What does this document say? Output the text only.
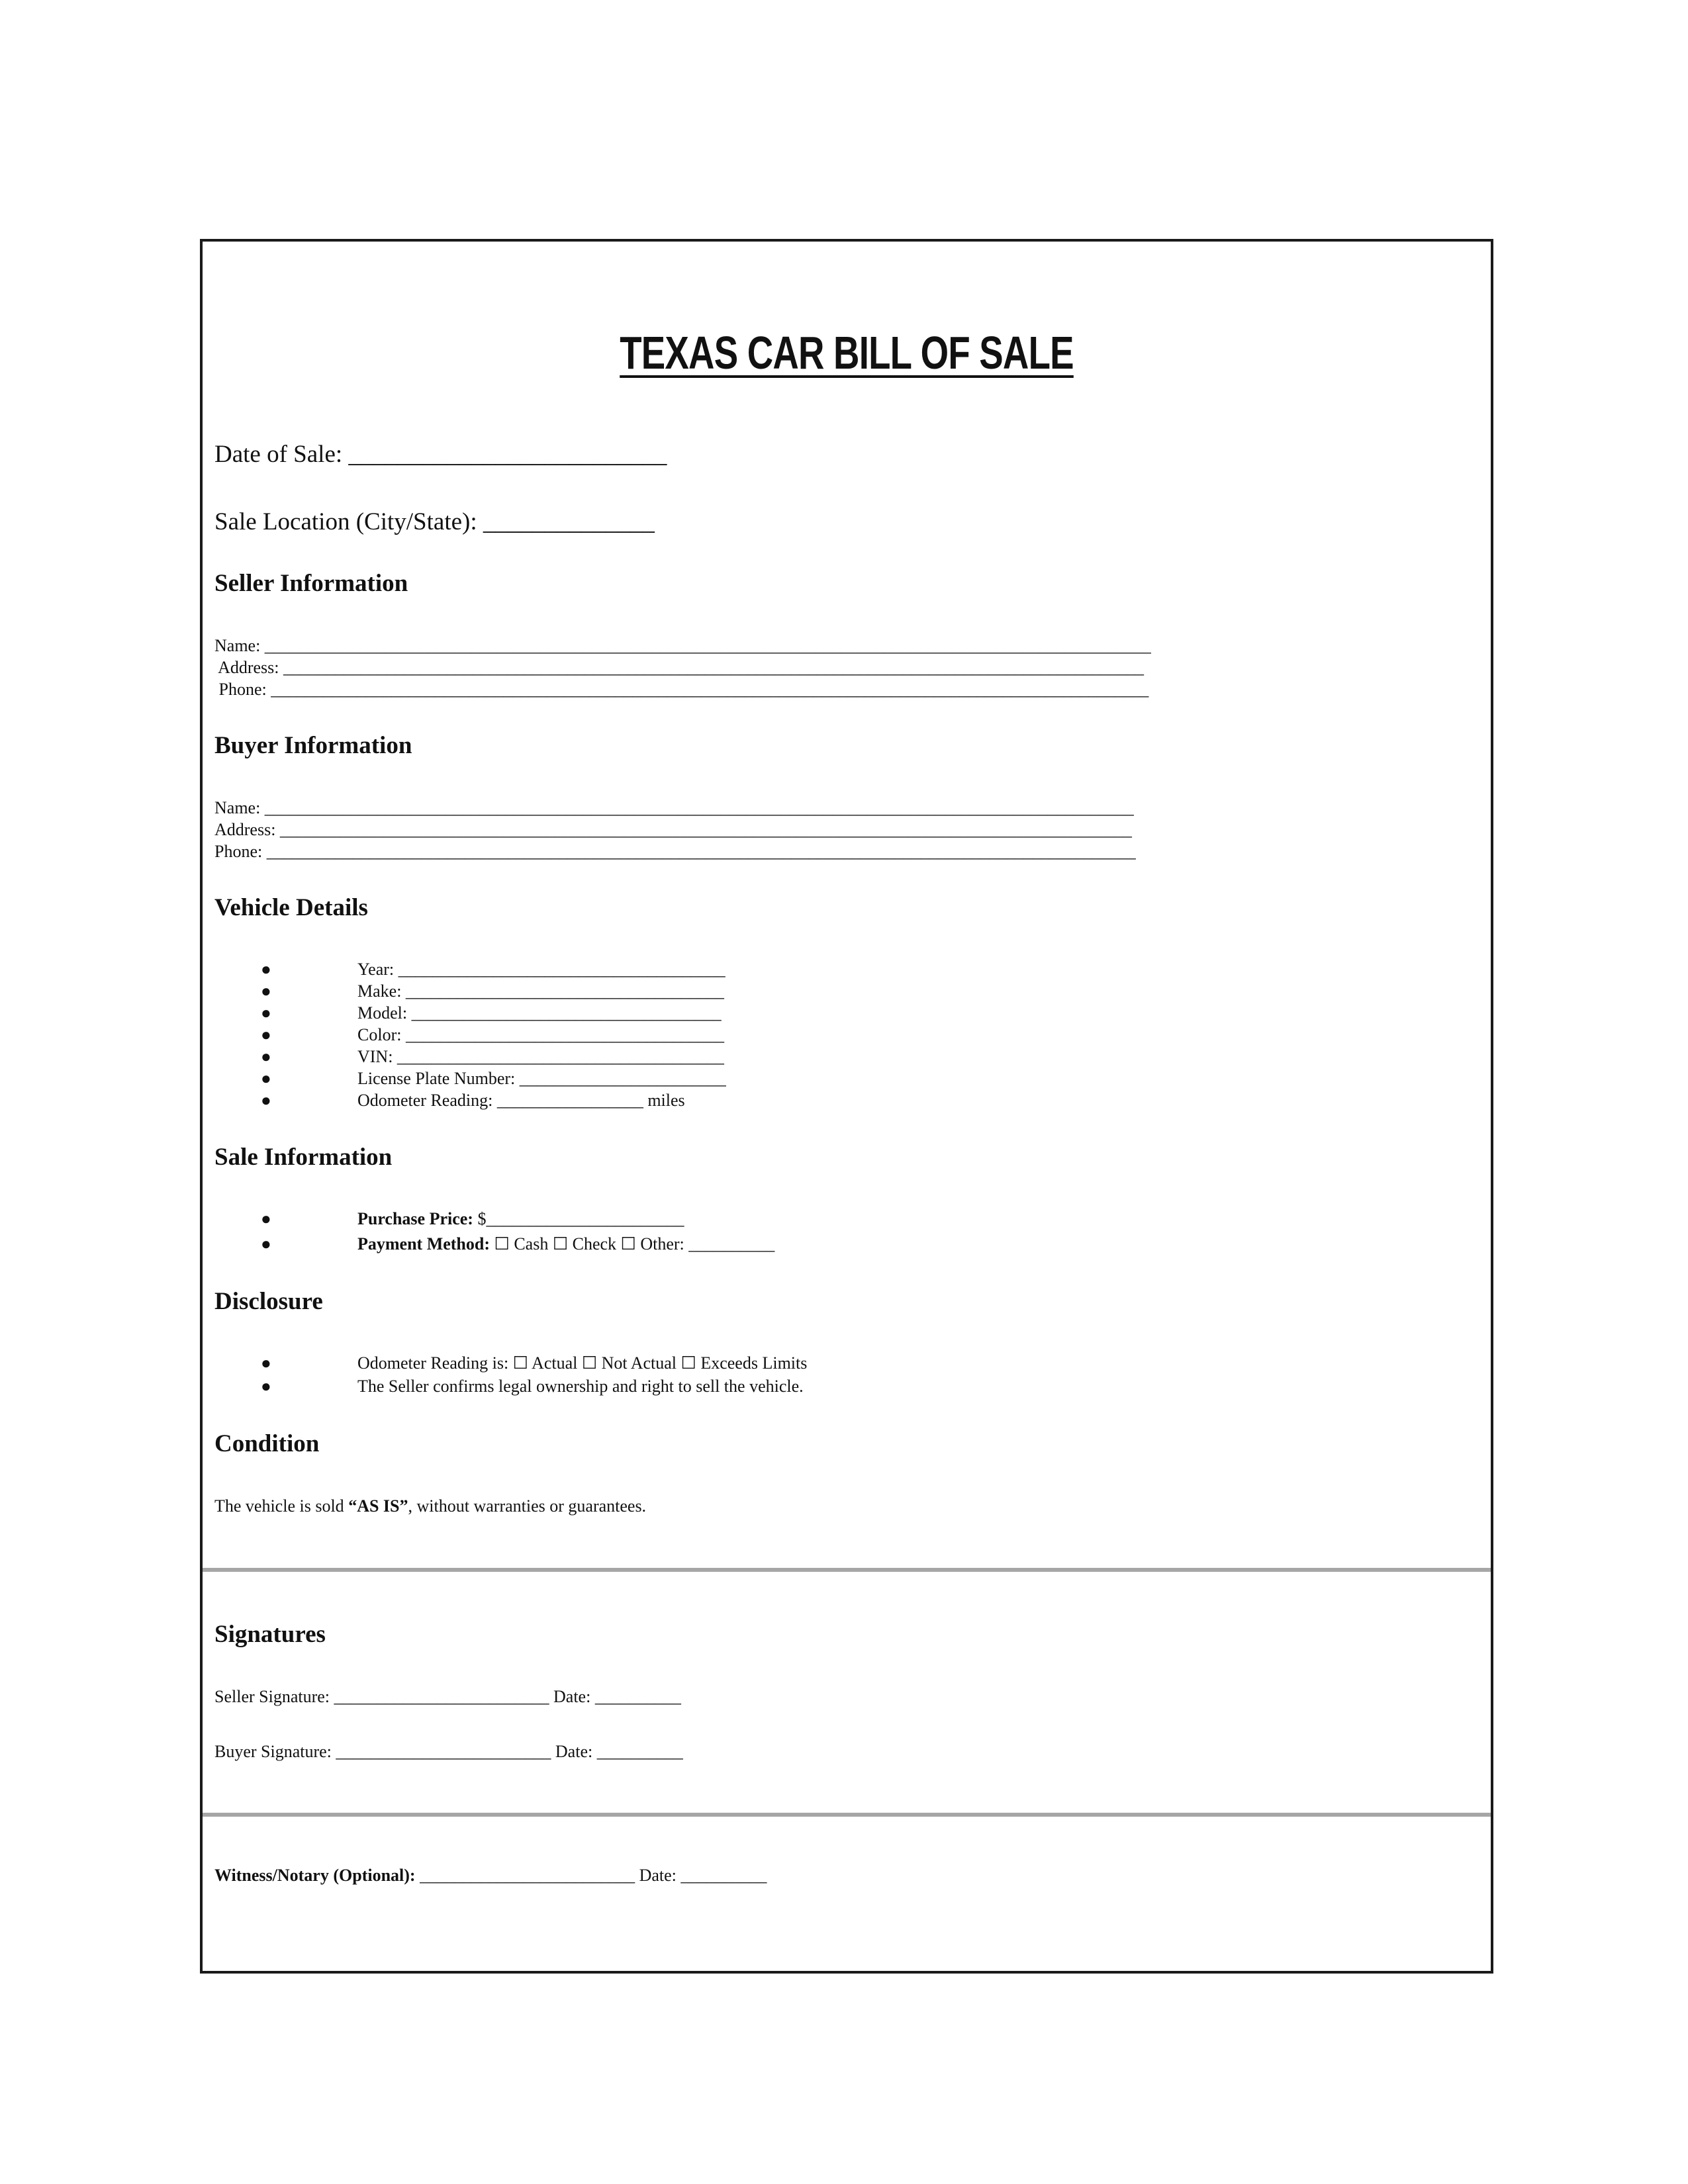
TEXAS CAR BILL OF SALE
Date of Sale: __________________________
Sale Location (City/State): ______________
Seller Information
Name: _______________________________________________________________________________________________________
Address: ____________________________________________________________________________________________________
Phone: ______________________________________________________________________________________________________
Buyer Information
Name: _____________________________________________________________________________________________________
Address: ___________________________________________________________________________________________________
Phone: _____________________________________________________________________________________________________
Vehicle Details
●	Year: ______________________________________
●	Make: _____________________________________
●	Model: ____________________________________
●	Color: _____________________________________
●	VIN: ______________________________________
●	License Plate Number: ________________________
●	Odometer Reading: _________________ miles
Sale Information
●	Purchase Price: $_______________________
●	Payment Method: ☐ Cash ☐ Check ☐ Other: __________
Disclosure
●	Odometer Reading is: ☐ Actual ☐ Not Actual ☐ Exceeds Limits
●	The Seller confirms legal ownership and right to sell the vehicle.
Condition
The vehicle is sold “AS IS”, without warranties or guarantees.
Signatures
Seller Signature: _________________________ Date: __________
Buyer Signature: _________________________ Date: __________
Witness/Notary (Optional): _________________________ Date: __________
